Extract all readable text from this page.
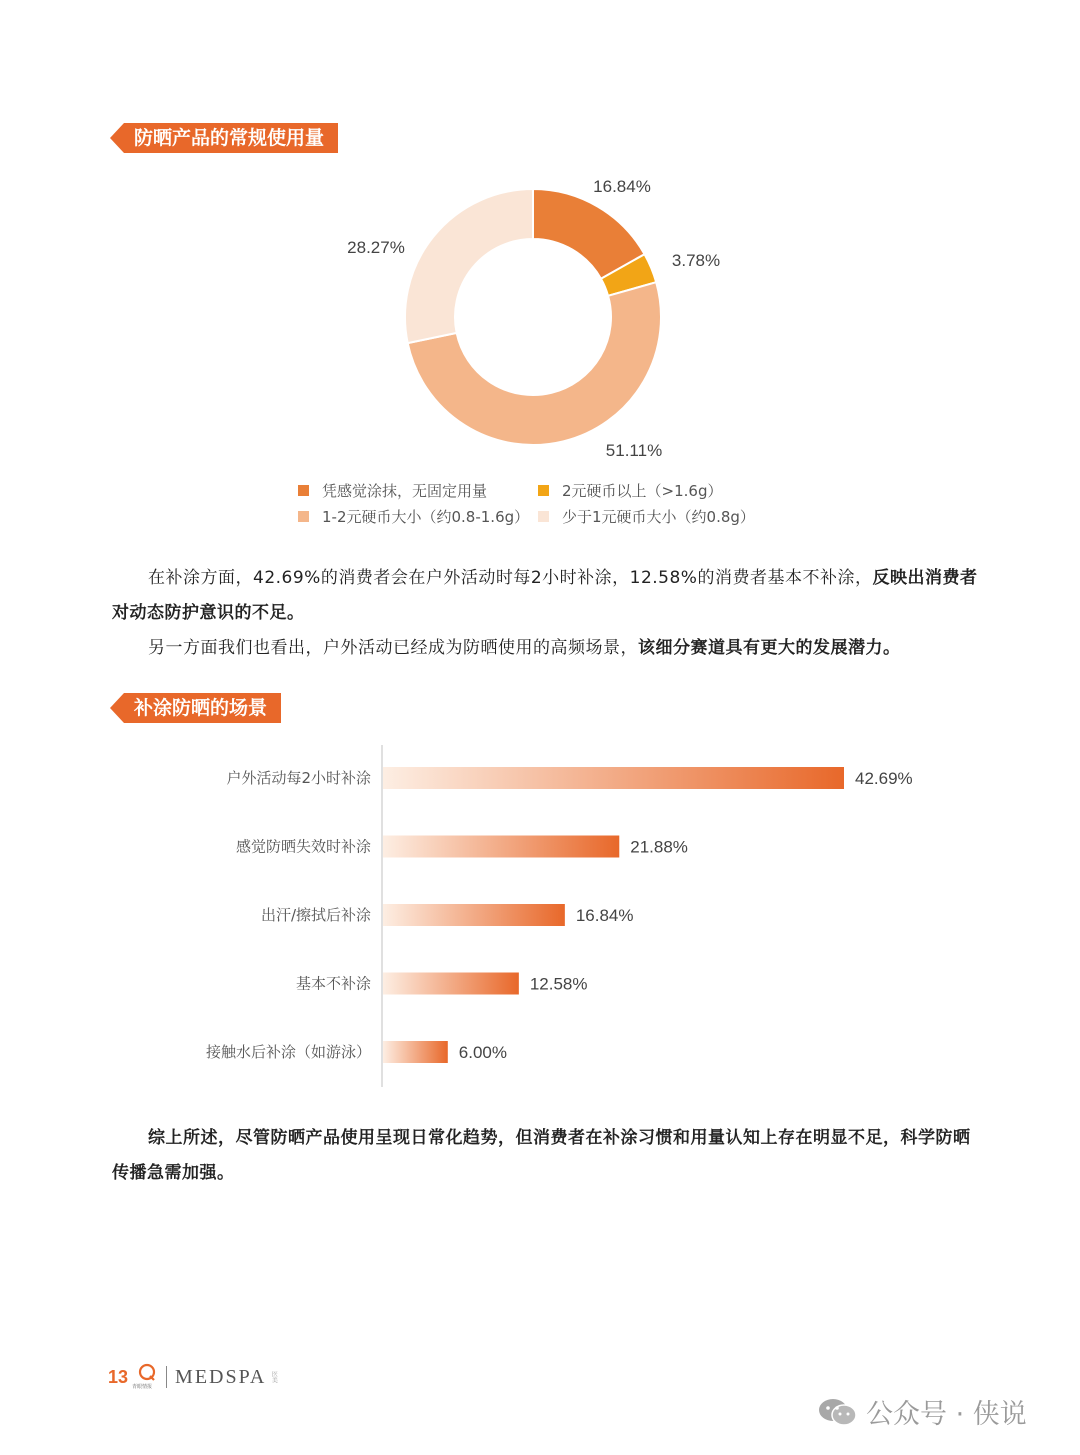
防晒产品的常规使用量
16.84%
3.78%
51.11%
28.27%
凭感觉涂抹，无固定用量	2元硬币以上（>1.6g）
1-2元硬币大小（约0.8-1.6g） 少于1元硬币大小（约0.8g）
在补涂方面，42.69%的消费者会在户外活动时每2小时补涂，12.58%的消费者基本不补涂，反映出消费者对动态防护意识的不足。
另一方面我们也看出，户外活动已经成为防晒使用的高频场景，该细分赛道具有更大的发展潜力。
补涂防晒的场景
户外活动每2小时补涂	42.69%
感觉防晒失效时补涂	21.88%
出汗/擦拭后补涂	16.84%
基本不补涂	12.58%
接触水后补涂（如游泳）	6.00%
综上所述，尽管防晒产品使用呈现日常化趋势，但消费者在补涂习惯和用量认知上存在明显不足，科学防晒传播急需加强。
13
青眼情报 MEDSPA 医美
公众号 · 侠说
